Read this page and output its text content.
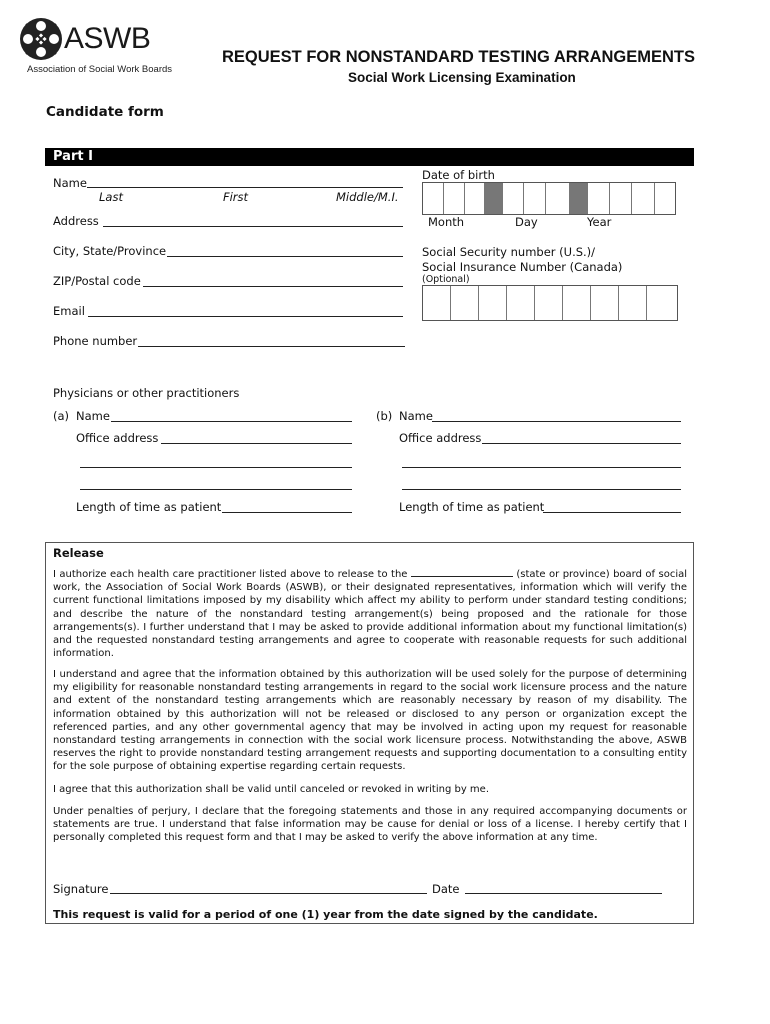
ASWB
Association of Social Work Boards
REQUEST FOR NONSTANDARD TESTING ARRANGEMENTS
Social Work Licensing Examination
Candidate form
Part I
Name
Last	First	Middle/M.I.
Address
City, State/Province
ZIP/Postal code
Email
Phone number
Date of birth
Month	Day	Year
Social Security number (U.S.)/
Social Insurance Number (Canada)
(Optional)
Physicians or other practitioners
(a) Name
Office address
Length of time as patient
(b) Name
Office address
Length of time as patient
Release
I authorize each health care practitioner listed above to release to the	(state or province) board of social work, the Association of Social Work Boards (ASWB), or their designated representatives, information which will verify the current functional limitations imposed by my disability which affect my ability to perform under standard testing conditions; and describe the nature of the nonstandard testing arrangement(s) being proposed and the rationale for those arrangements(s). I further understand that I may be asked to provide additional information about my functional limitation(s) and the requested nonstandard testing arrangements and agree to cooperate with reasonable requests for such additional information.
I understand and agree that the information obtained by this authorization will be used solely for the purpose of determining my eligibility for reasonable nonstandard testing arrangements in regard to the social work licensure process and the nature and extent of the nonstandard testing arrangements which are reasonably necessary by reason of my disability. The information obtained by this authorization will not be released or disclosed to any person or organization except the referenced parties, and any other governmental agency that may be involved in acting upon my request for reasonable nonstandard testing arrangements in connection with the social work licensure process. Notwithstanding the above, ASWB reserves the right to provide nonstandard testing arrangement requests and supporting documentation to a consulting entity for the sole purpose of obtaining expertise regarding certain requests.
I agree that this authorization shall be valid until canceled or revoked in writing by me.
Under penalties of perjury, I declare that the foregoing statements and those in any required accompanying documents or statements are true. I understand that false information may be cause for denial or loss of a license. I hereby certify that I personally completed this request form and that I may be asked to verify the above information at any time.
Signature	Date
This request is valid for a period of one (1) year from the date signed by the candidate.
